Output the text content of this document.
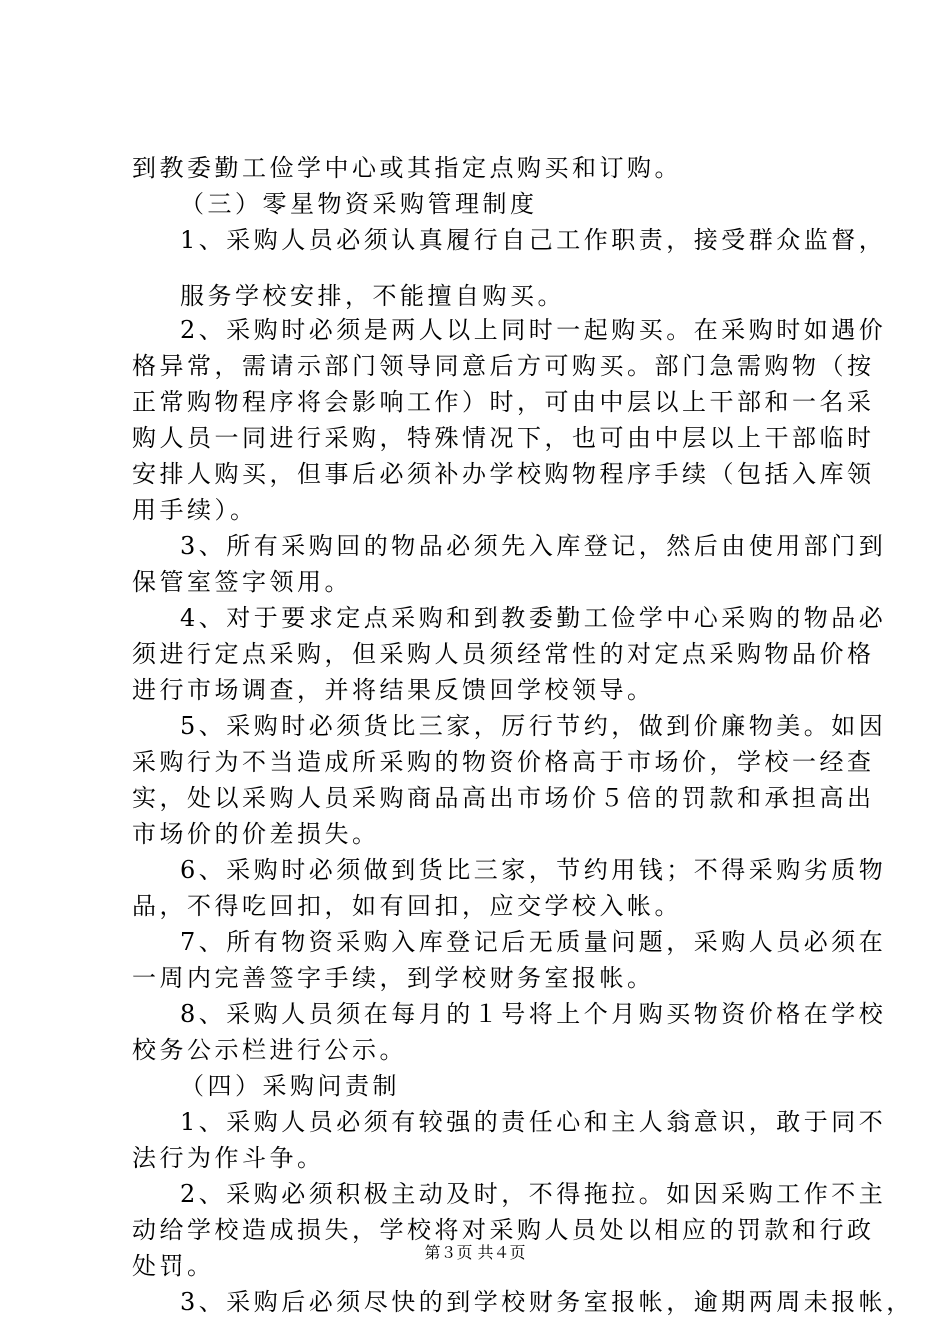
到教委勤工俭学中心或其指定点购买和订购。
（三）零星物资采购管理制度
1、采购人员必须认真履行自己工作职责，接受群众监督，
服务学校安排，不能擅自购买。
2、采购时必须是两人以上同时一起购买。在采购时如遇价
格异常，需请示部门领导同意后方可购买。部门急需购物（按
正常购物程序将会影响工作）时，可由中层以上干部和一名采
购人员一同进行采购，特殊情况下，也可由中层以上干部临时
安排人购买，但事后必须补办学校购物程序手续（包括入库领
用手续）。
3、所有采购回的物品必须先入库登记，然后由使用部门到
保管室签字领用。
4、对于要求定点采购和到教委勤工俭学中心采购的物品必
须进行定点采购，但采购人员须经常性的对定点采购物品价格
进行市场调查，并将结果反馈回学校领导。
5、采购时必须货比三家，厉行节约，做到价廉物美。如因
采购行为不当造成所采购的物资价格高于市场价，学校一经查
实，处以采购人员采购商品高出市场价５倍的罚款和承担高出
市场价的价差损失。
6、采购时必须做到货比三家，节约用钱；不得采购劣质物
品，不得吃回扣，如有回扣，应交学校入帐。
7、所有物资采购入库登记后无质量问题，采购人员必须在
一周内完善签字手续，到学校财务室报帐。
8、采购人员须在每月的１号将上个月购买物资价格在学校
校务公示栏进行公示。
（四）采购问责制
1、采购人员必须有较强的责任心和主人翁意识，敢于同不
法行为作斗争。
2、采购必须积极主动及时，不得拖拉。如因采购工作不主
动给学校造成损失，学校将对采购人员处以相应的罚款和行政
处罚。
3、采购后必须尽快的到学校财务室报帐，逾期两周未报帐，
第３页 共４页
